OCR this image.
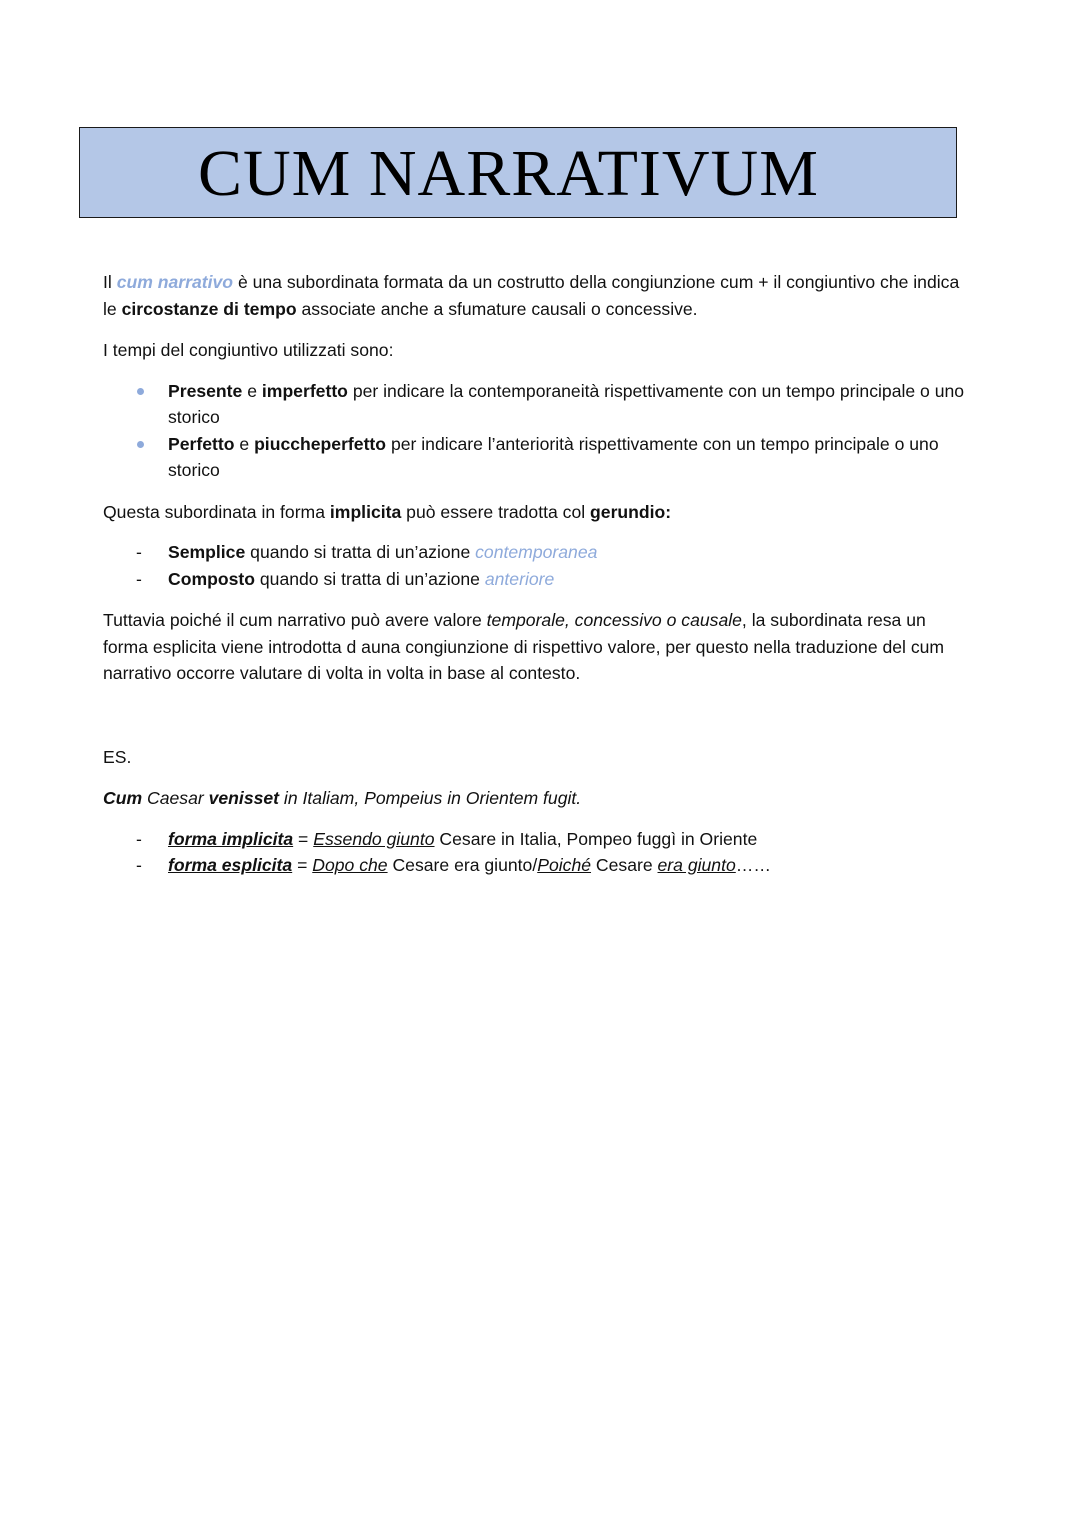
CUM NARRATIVUM

Il cum narrativo è una subordinata formata da un costrutto della congiunzione cum + il congiuntivo che indica le circostanze di tempo associate anche a sfumature causali o concessive.

I tempi del congiuntivo utilizzati sono:

Presente e imperfetto per indicare la contemporaneità rispettivamente con un tempo principale o uno storico
Perfetto e piuccheperfetto per indicare l’anteriorità rispettivamente con un tempo principale o uno storico

Questa subordinata in forma implicita può essere tradotta col gerundio:

- Semplice quando si tratta di un’azione contemporanea
- Composto quando si tratta di un’azione anteriore

Tuttavia poiché il cum narrativo può avere valore temporale, concessivo o causale, la subordinata resa un forma esplicita viene introdotta d auna congiunzione di rispettivo valore, per questo nella traduzione del cum narrativo occorre valutare di volta in volta in base al contesto.

ES.

Cum Caesar venisset in Italiam, Pompeius in Orientem fugit.

- forma implicita = Essendo giunto Cesare in Italia, Pompeo fuggì in Oriente
- forma esplicita = Dopo che Cesare era giunto/Poiché Cesare era giunto……
